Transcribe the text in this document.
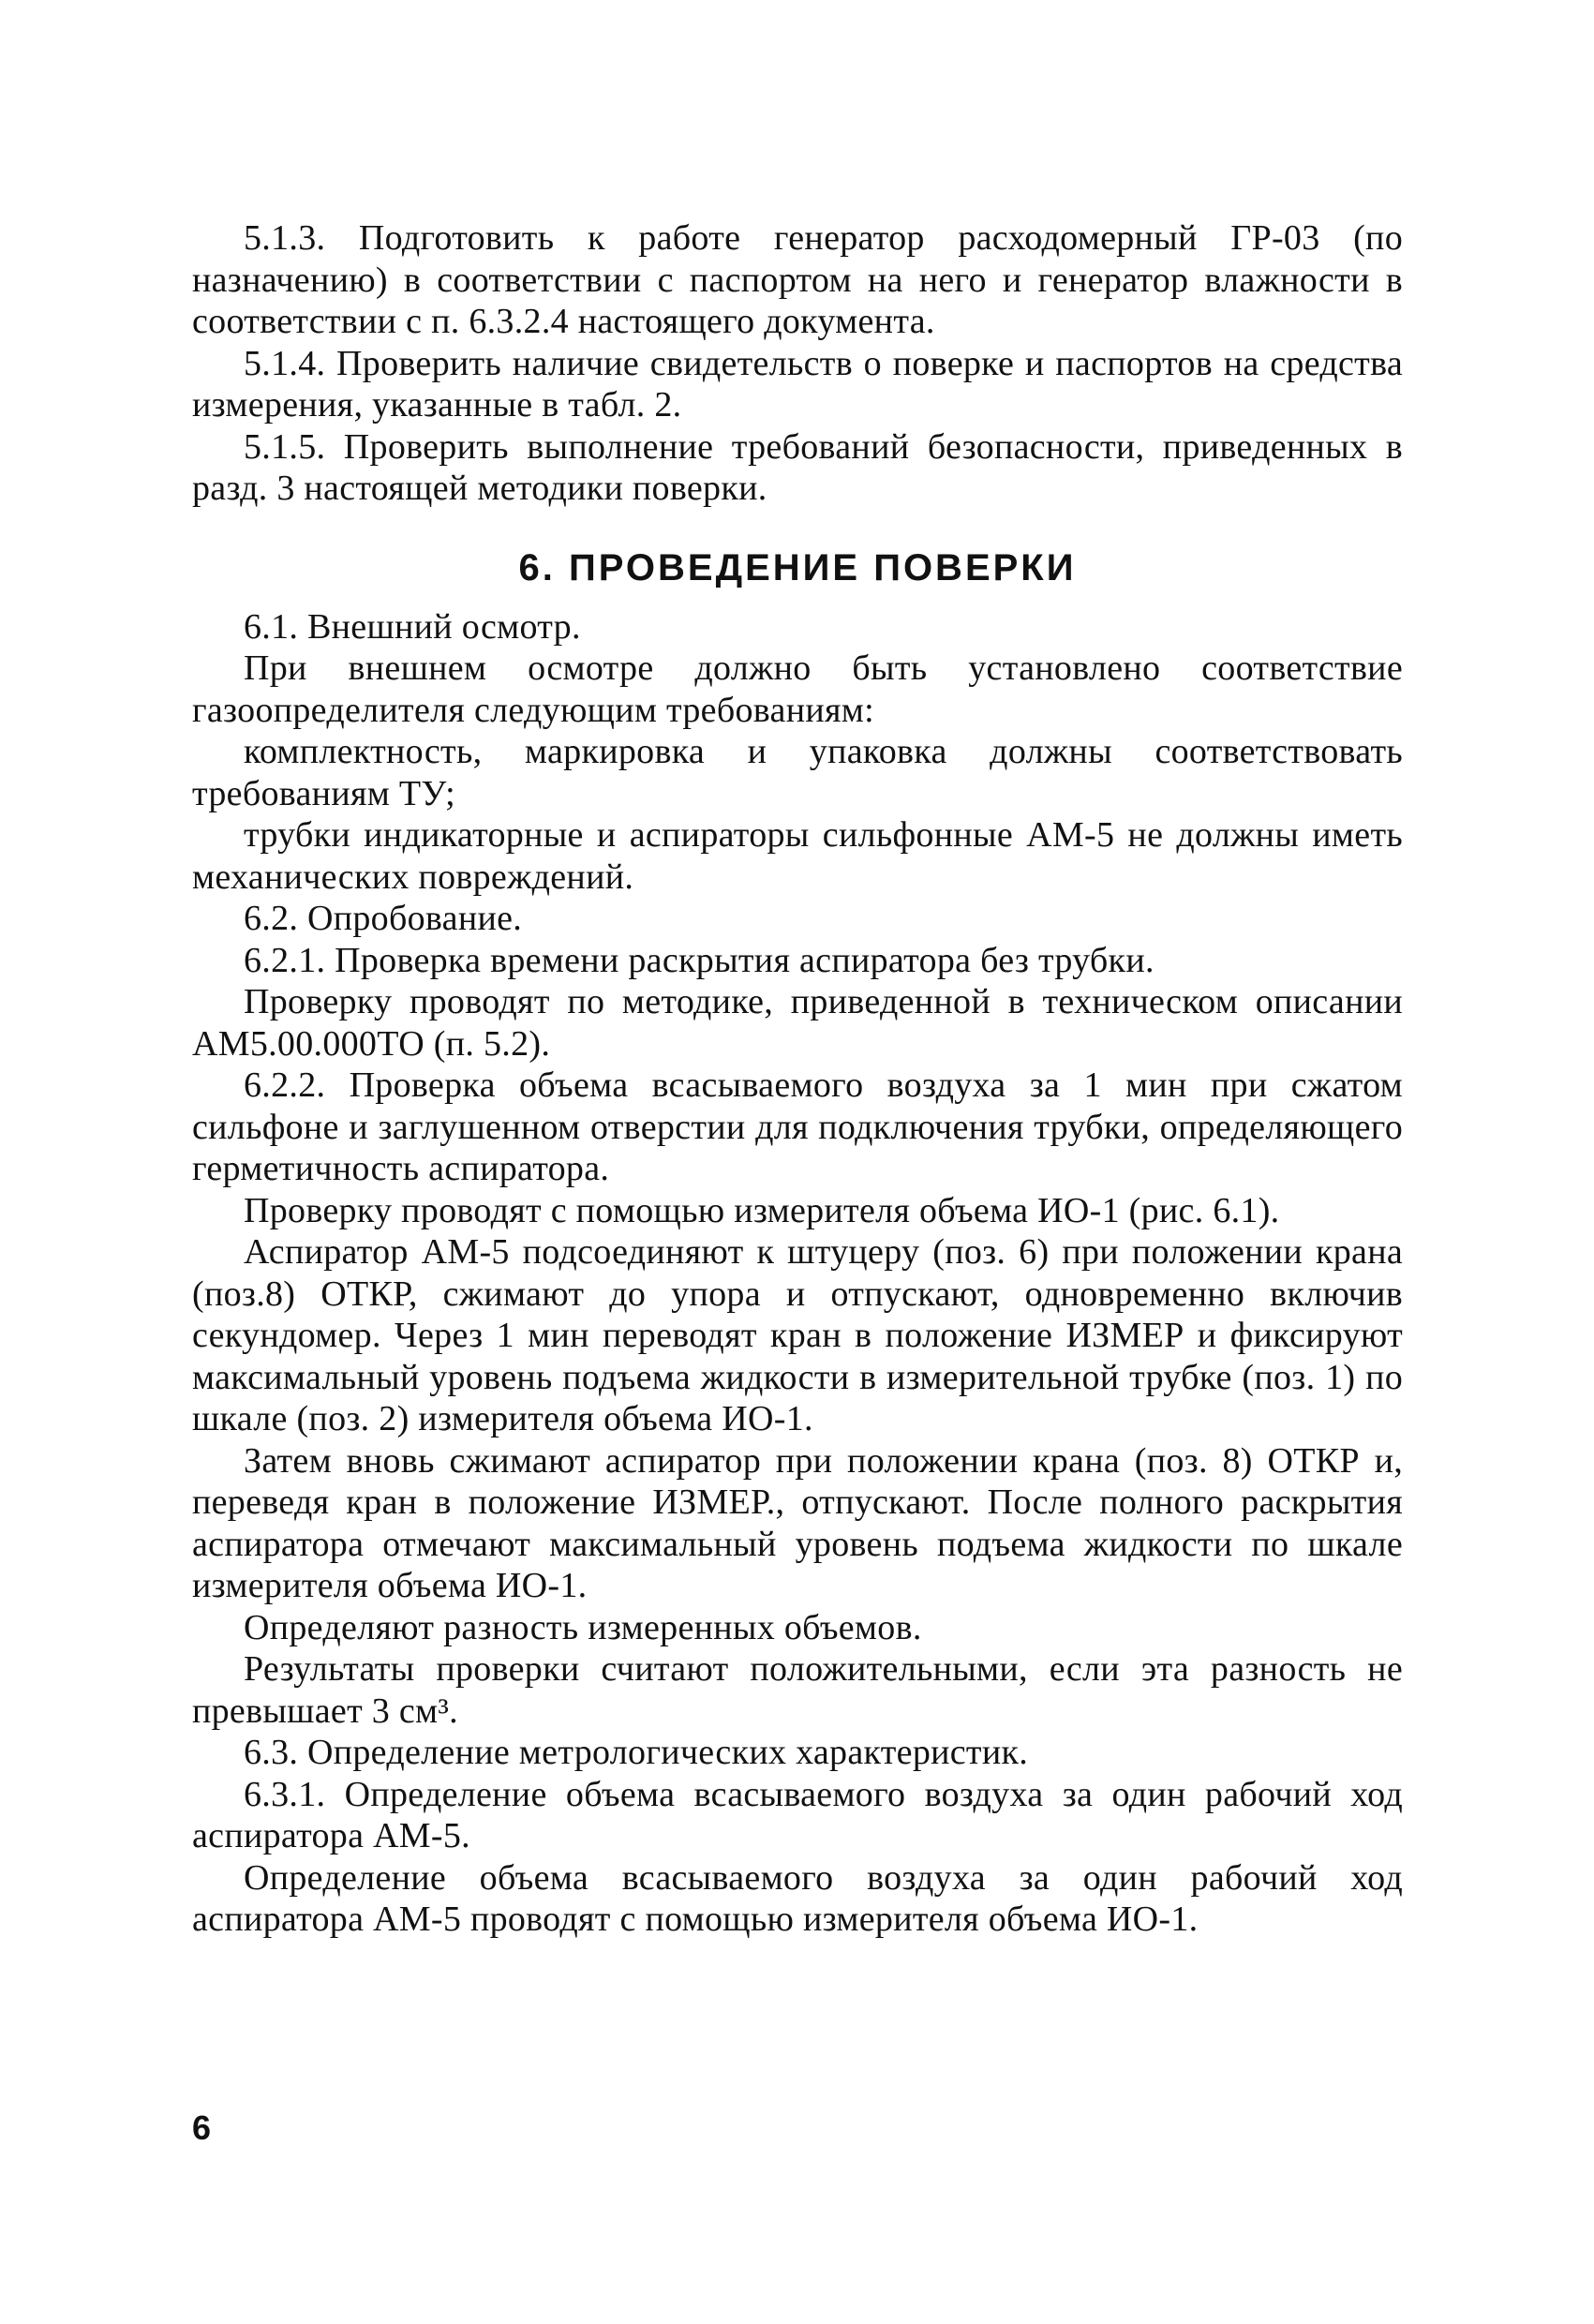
5.1.3. Подготовить к работе генератор расходомерный ГР-03 (по назначению) в соответствии с паспортом на него и генератор влажности в соответствии с п. 6.3.2.4 настоящего документа.

5.1.4. Проверить наличие свидетельств о поверке и паспортов на средства измерения, указанные в табл. 2.

5.1.5. Проверить выполнение требований безопасности, приведенных в разд. 3 настоящей методики поверки.

6. ПРОВЕДЕНИЕ ПОВЕРКИ

6.1. Внешний осмотр.

При внешнем осмотре должно быть установлено соответствие газоопределителя следующим требованиям:

комплектность, маркировка и упаковка должны соответствовать требованиям ТУ;

трубки индикаторные и аспираторы сильфонные АМ-5 не должны иметь механических повреждений.

6.2. Опробование.

6.2.1. Проверка времени раскрытия аспиратора без трубки.

Проверку проводят по методике, приведенной в техническом описании АМ5.00.000ТО (п. 5.2).

6.2.2. Проверка объема всасываемого воздуха за 1 мин при сжатом сильфоне и заглушенном отверстии для подключения трубки, определяющего герметичность аспиратора.

Проверку проводят с помощью измерителя объема ИО-1 (рис. 6.1).

Аспиратор АМ-5 подсоединяют к штуцеру (поз. 6) при положении крана (поз.8) ОТКР, сжимают до упора и отпускают, одновременно включив секундомер. Через 1 мин переводят кран в положение ИЗМЕР и фиксируют максимальный уровень подъема жидкости в измерительной трубке (поз. 1) по шкале (поз. 2) измерителя объема ИО-1.

Затем вновь сжимают аспиратор при положении крана (поз. 8) ОТКР и, переведя кран в положение ИЗМЕР., отпускают. После полного раскрытия аспиратора отмечают максимальный уровень подъема жидкости по шкале измерителя объема ИО-1.

Определяют разность измеренных объемов.

Результаты проверки считают положительными, если эта разность не превышает 3 см³.

6.3. Определение метрологических характеристик.

6.3.1. Определение объема всасываемого воздуха за один рабочий ход аспиратора АМ-5.

Определение объема всасываемого воздуха за один рабочий ход аспиратора АМ-5 проводят с помощью измерителя объема ИО-1.

6
